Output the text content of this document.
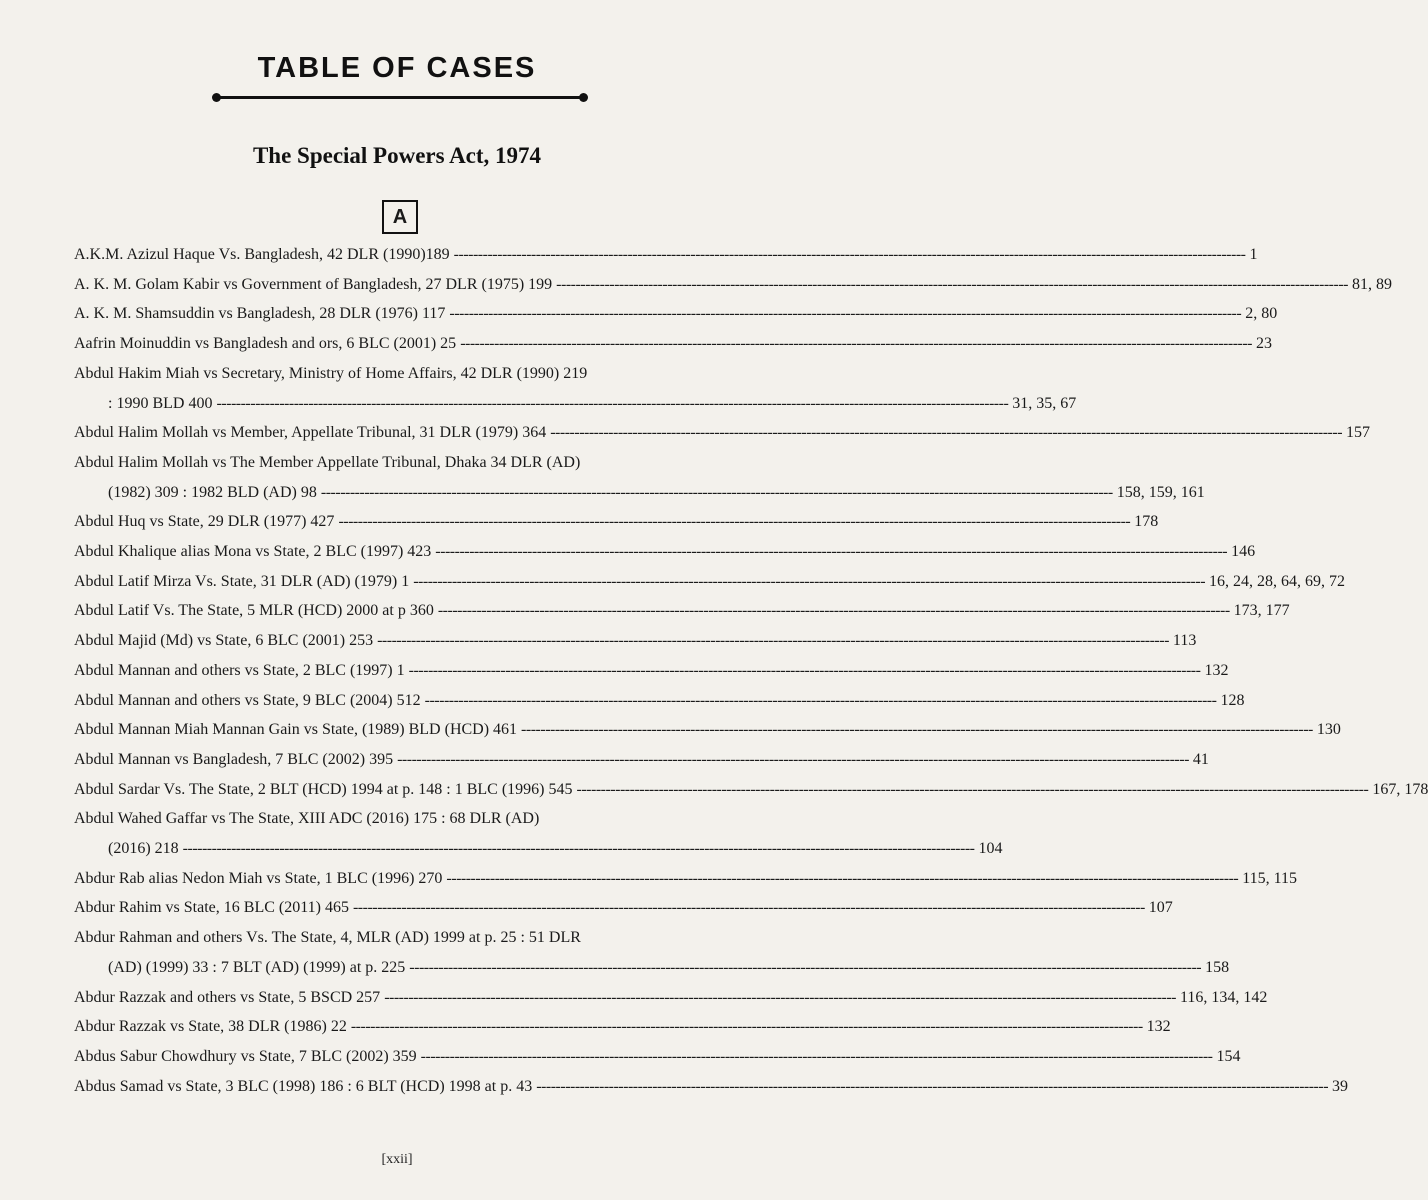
TABLE OF CASES
The Special Powers Act, 1974
A
A.K.M. Azizul Haque Vs. Bangladesh, 42 DLR (1990)189 -------------------------------------------------------------------------------------------------------------------------------------------------------------------- 1
A. K. M. Golam Kabir vs Government of Bangladesh, 27 DLR (1975) 199 -------------------------------------------------------------------------------------------------------------------------------------------------------------------- 81, 89
A. K. M. Shamsuddin vs Bangladesh, 28 DLR (1976) 117 -------------------------------------------------------------------------------------------------------------------------------------------------------------------- 2, 80
Aafrin Moinuddin vs Bangladesh and ors, 6 BLC (2001) 25 -------------------------------------------------------------------------------------------------------------------------------------------------------------------- 23
Abdul Hakim Miah vs Secretary, Ministry of Home Affairs, 42 DLR (1990) 219
: 1990 BLD 400 -------------------------------------------------------------------------------------------------------------------------------------------------------------------- 31, 35, 67
Abdul Halim Mollah vs Member, Appellate Tribunal, 31 DLR (1979) 364 -------------------------------------------------------------------------------------------------------------------------------------------------------------------- 157
Abdul Halim Mollah vs The Member Appellate Tribunal, Dhaka 34 DLR (AD)
(1982) 309 : 1982 BLD (AD) 98 -------------------------------------------------------------------------------------------------------------------------------------------------------------------- 158, 159, 161
Abdul Huq vs State, 29 DLR (1977) 427 -------------------------------------------------------------------------------------------------------------------------------------------------------------------- 178
Abdul Khalique alias Mona vs State, 2 BLC (1997) 423 -------------------------------------------------------------------------------------------------------------------------------------------------------------------- 146
Abdul Latif Mirza Vs. State, 31 DLR (AD) (1979) 1 -------------------------------------------------------------------------------------------------------------------------------------------------------------------- 16, 24, 28, 64, 69, 72
Abdul Latif Vs. The State, 5 MLR (HCD) 2000 at p 360 -------------------------------------------------------------------------------------------------------------------------------------------------------------------- 173, 177
Abdul Majid (Md) vs State, 6 BLC (2001) 253 -------------------------------------------------------------------------------------------------------------------------------------------------------------------- 113
Abdul Mannan and others vs State, 2 BLC (1997) 1 -------------------------------------------------------------------------------------------------------------------------------------------------------------------- 132
Abdul Mannan and others vs State, 9 BLC (2004) 512 -------------------------------------------------------------------------------------------------------------------------------------------------------------------- 128
Abdul Mannan Miah Mannan Gain vs State, (1989) BLD (HCD) 461 -------------------------------------------------------------------------------------------------------------------------------------------------------------------- 130
Abdul Mannan vs Bangladesh, 7 BLC (2002) 395 -------------------------------------------------------------------------------------------------------------------------------------------------------------------- 41
Abdul Sardar Vs. The State, 2 BLT (HCD) 1994 at p. 148 : 1 BLC (1996) 545 -------------------------------------------------------------------------------------------------------------------------------------------------------------------- 167, 178
Abdul Wahed Gaffar vs The State, XIII ADC (2016) 175 : 68 DLR (AD)
(2016) 218 -------------------------------------------------------------------------------------------------------------------------------------------------------------------- 104
Abdur Rab alias Nedon Miah vs State, 1 BLC (1996) 270 -------------------------------------------------------------------------------------------------------------------------------------------------------------------- 115, 115
Abdur Rahim vs State, 16 BLC (2011) 465 -------------------------------------------------------------------------------------------------------------------------------------------------------------------- 107
Abdur Rahman and others Vs. The State, 4, MLR (AD) 1999 at p. 25 : 51 DLR
(AD) (1999) 33 : 7 BLT (AD) (1999) at p. 225 -------------------------------------------------------------------------------------------------------------------------------------------------------------------- 158
Abdur Razzak and others vs State, 5 BSCD 257 -------------------------------------------------------------------------------------------------------------------------------------------------------------------- 116, 134, 142
Abdur Razzak vs State, 38 DLR (1986) 22 -------------------------------------------------------------------------------------------------------------------------------------------------------------------- 132
Abdus Sabur Chowdhury vs State, 7 BLC (2002) 359 -------------------------------------------------------------------------------------------------------------------------------------------------------------------- 154
Abdus Samad vs State, 3 BLC (1998) 186 : 6 BLT (HCD) 1998 at p. 43 -------------------------------------------------------------------------------------------------------------------------------------------------------------------- 39
[xxii]
